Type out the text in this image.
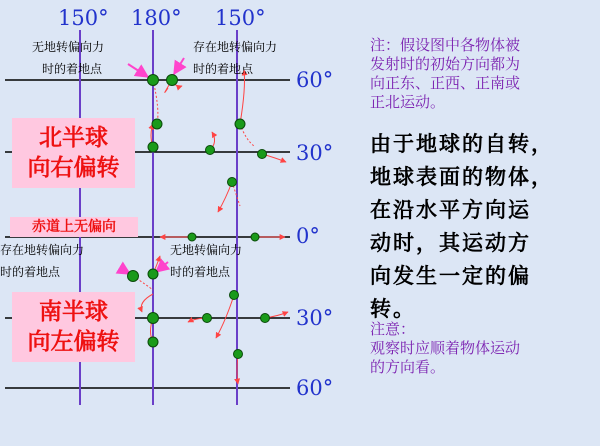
150° 180° 150°
60°
30°
0°
30°
60°
无地转偏向力
时的着地点
存在地转偏向力
时的着地点
北半球
向右偏转
赤道上无偏向
存在地转偏向力
时的着地点
无地转偏向力
时的着地点
南半球
向左偏转
注：假设图中各物体被
发射时的初始方向都为
向正东、正西、正南或
正北运动。
由于地球的自转，
地球表面的物体，
在沿水平方向运
动时，其运动方
向发生一定的偏
转。
注意：
观察时应顺着物体运动
的方向看。
